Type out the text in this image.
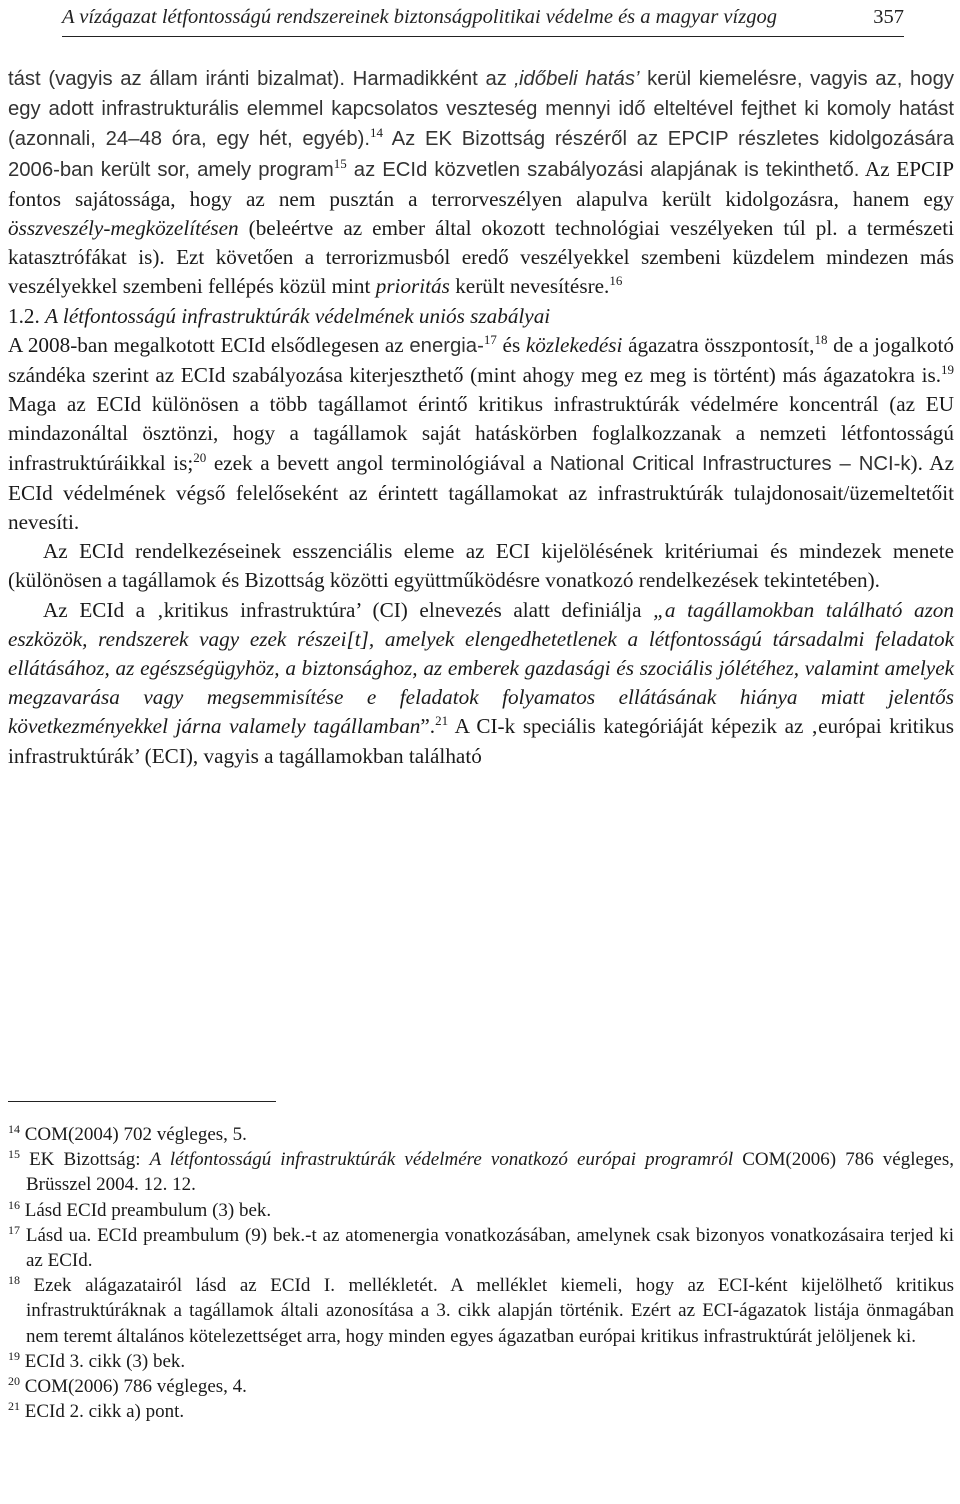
A vízágazat létfontosságú rendszereinek biztonságpolitikai védelme és a magyar vízgog	357

tást (vagyis az állam iránti bizalmat). Harmadikként az ‚időbeli hatás’ kerül kiemelésre, vagyis az, hogy egy adott infrastrukturális elemmel kapcsolatos veszteség mennyi idő elteltével fejthet ki komoly hatást (azonnali, 24–48 óra, egy hét, egyéb).$^{14}$ Az EK Bizottság részéről az EPCIP részletes kidolgozására 2006-ban került sor, amely program$^{15}$ az ECId közvetlen szabályozási alapjának is tekinthető. Az EPCIP fontos sajátossága, hogy az nem pusztán a terrorveszélyen alapulva került kidolgozásra, hanem egy összveszély-megközelítésen (beleértve az ember által okozott technológiai veszélyeken túl pl. a természeti katasztrófákat is). Ezt követően a terrorizmusból eredő veszélyekkel szembeni küzdelem mindezen más veszélyekkel szembeni fellépés közül mint prioritás került nevesítésre.$^{16}$

1.2. A létfontosságú infrastruktúrák védelmének uniós szabályai

A 2008-ban megalkotott ECId elsődlegesen az energia-$^{17}$ és közlekedési ágazatra összpontosít,$^{18}$ de a jogalkotó szándéka szerint az ECId szabályozása kiterjeszthető (mint ahogy meg ez meg is történt) más ágazatokra is.$^{19}$ Maga az ECId különösen a több tagállamot érintő kritikus infrastruktúrák védelmére koncentrál (az EU mindazonáltal ösztönzi, hogy a tagállamok saját hatáskörben foglalkozzanak a nemzeti létfontosságú infrastruktúráikkal is;$^{20}$ ezek a bevett angol terminológiával a National Critical Infrastructures – NCI-k). Az ECId védelmének végső felelőseként az érintett tagállamokat az infrastruktúrák tulajdonosait/üzemeltetőit nevesíti.

Az ECId rendelkezéseinek esszenciális eleme az ECI kijelölésének kritériumai és mindezek menete (különösen a tagállamok és Bizottság közötti együttműködésre vonatkozó rendelkezések tekintetében).

Az ECId a ‚kritikus infrastruktúra’ (CI) elnevezés alatt definiálja „a tagállamokban található azon eszközök, rendszerek vagy ezek részei[t], amelyek elengedhetetlenek a létfontosságú társadalmi feladatok ellátásához, az egészségügyhöz, a biztonsághoz, az emberek gazdasági és szociális jólétéhez, valamint amelyek megzavarása vagy megsemmisítése e feladatok folyamatos ellátásának hiánya miatt jelentős következményekkel járna valamely tagállamban”.$^{21}$ A CI-k speciális kategóriáját képezik az ‚európai kritikus infrastruktúrák’ (ECI), vagyis a tagállamokban található

$^{14}$ COM(2004) 702 végleges, 5.

$^{15}$ EK Bizottság: A létfontosságú infrastruktúrák védelmére vonatkozó európai programról COM(2006) 786 végleges, Brüsszel 2004. 12. 12.

$^{16}$ Lásd ECId preambulum (3) bek.

$^{17}$ Lásd ua. ECId preambulum (9) bek.-t az atomenergia vonatkozásában, amelynek csak bizonyos vonatkozásaira terjed ki az ECId.

$^{18}$ Ezek alágazatairól lásd az ECId I. mellékletét. A melléklet kiemeli, hogy az ECI-ként kijelölhető kritikus infrastruktúráknak a tagállamok általi azonosítása a 3. cikk alapján történik. Ezért az ECI-ágazatok listája önmagában nem teremt általános kötelezettséget arra, hogy minden egyes ágazatban európai kritikus infrastruktúrát jelöljenek ki.

$^{19}$ ECId 3. cikk (3) bek.

$^{20}$ COM(2006) 786 végleges, 4.

$^{21}$ ECId 2. cikk a) pont.
